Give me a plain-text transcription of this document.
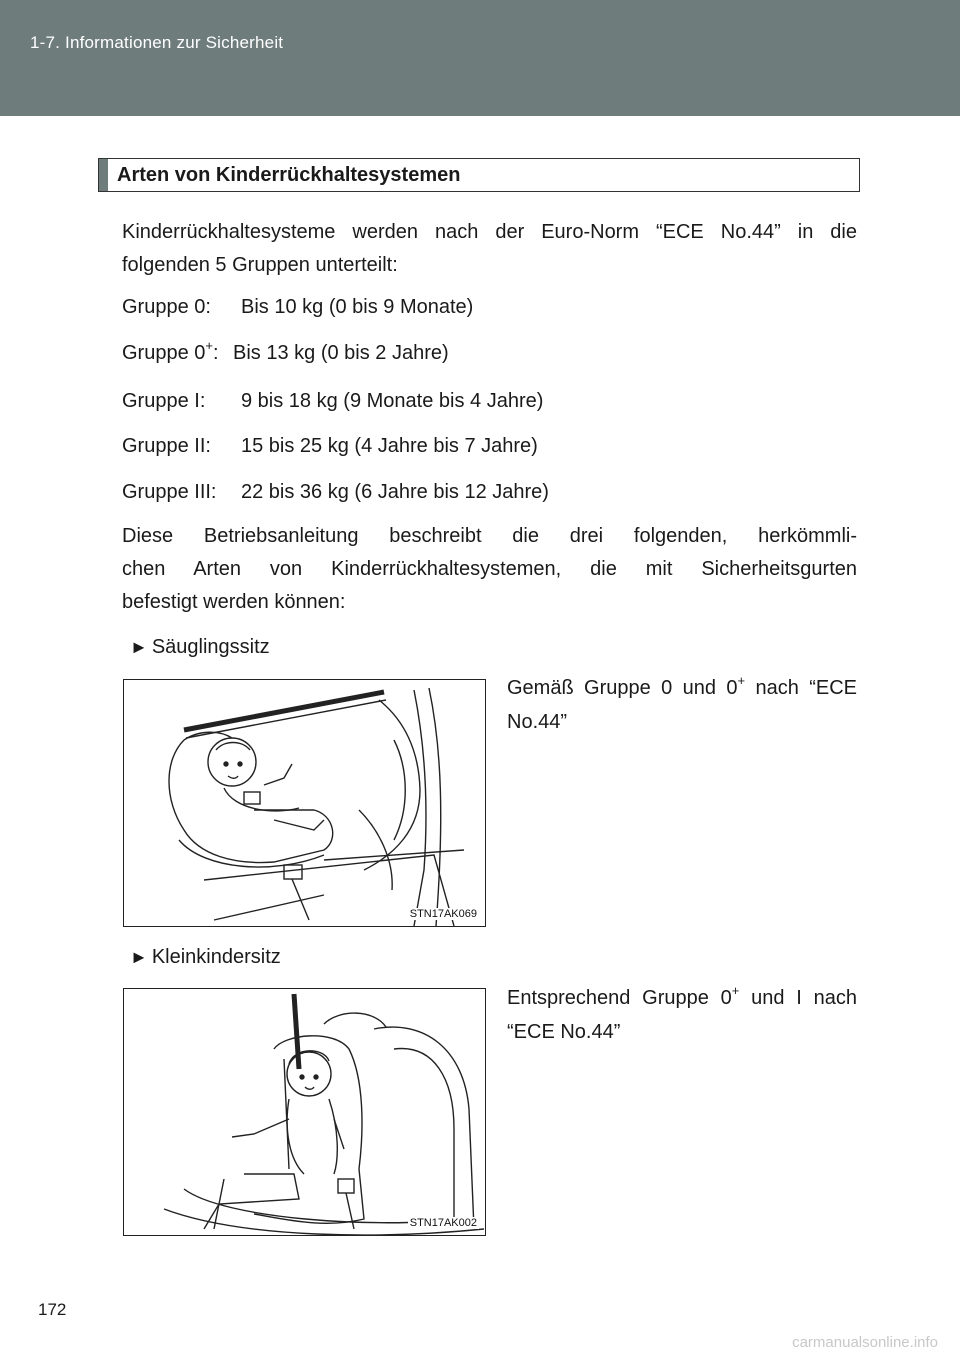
1-7. Informationen zur Sicherheit
Arten von Kinderrückhaltesystemen
Kinderrückhaltesysteme werden nach der Euro-Norm “ECE No.44” in die folgenden 5 Gruppen unterteilt:
Gruppe 0: Bis 10 kg (0 bis 9 Monate)
Gruppe 0+: Bis 13 kg (0 bis 2 Jahre)
Gruppe I: 9 bis 18 kg (9 Monate bis 4 Jahre)
Gruppe II: 15 bis 25 kg (4 Jahre bis 7 Jahre)
Gruppe III: 22 bis 36 kg (6 Jahre bis 12 Jahre)
Diese Betriebsanleitung beschreibt die drei folgenden, herkömmli-
chen Arten von Kinderrückhaltesystemen, die mit Sicherheitsgurten
befestigt werden können:
► Säuglingssitz
Gemäß Gruppe 0 und 0+ nach “ECE No.44”
STN17AK069
► Kleinkindersitz
Entsprechend Gruppe 0+ und I nach “ECE No.44”
STN17AK002
172
carmanualsonline.info
